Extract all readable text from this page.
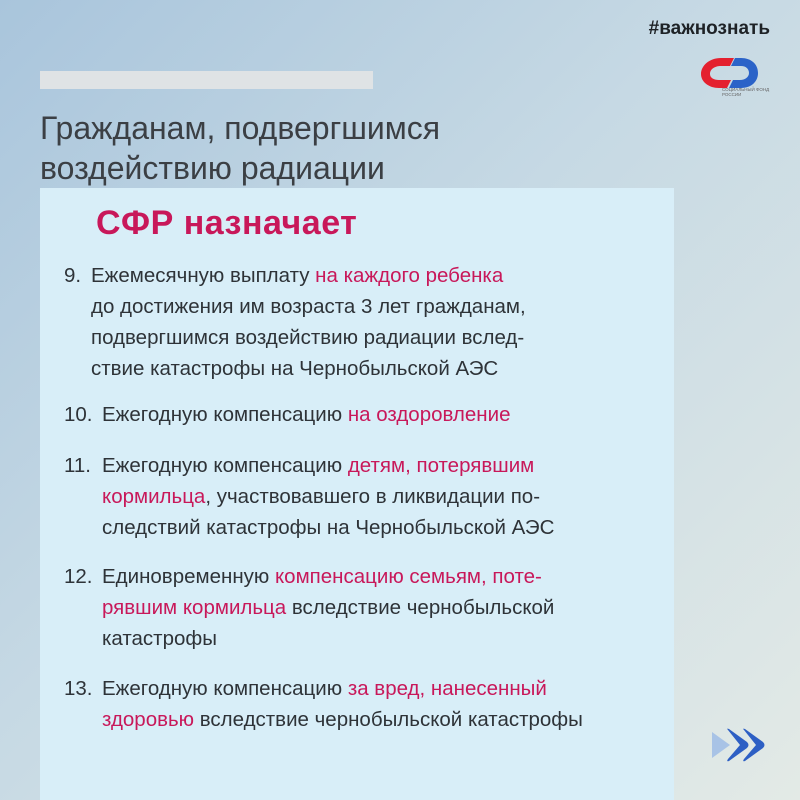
#важнознать
СОЦИАЛЬНЫЙ ФОНД РОССИИ
Гражданам, подвергшимся
воздействию радиации
СФР назначает
9. Ежемесячную выплату на каждого ребенка
до достижения им возраста 3 лет гражданам,
подвергшимся воздействию радиации вслед-
ствие катастрофы на Чернобыльской АЭС
10. Ежегодную компенсацию на оздоровление
11. Ежегодную компенсацию детям, потерявшим
кормильца, участвовавшего в ликвидации по-
следствий катастрофы на Чернобыльской АЭС
12. Единовременную компенсацию семьям, поте-
рявшим кормильца вследствие чернобыльской
катастрофы
13. Ежегодную компенсацию за вред, нанесенный
здоровью вследствие чернобыльской катастрофы
